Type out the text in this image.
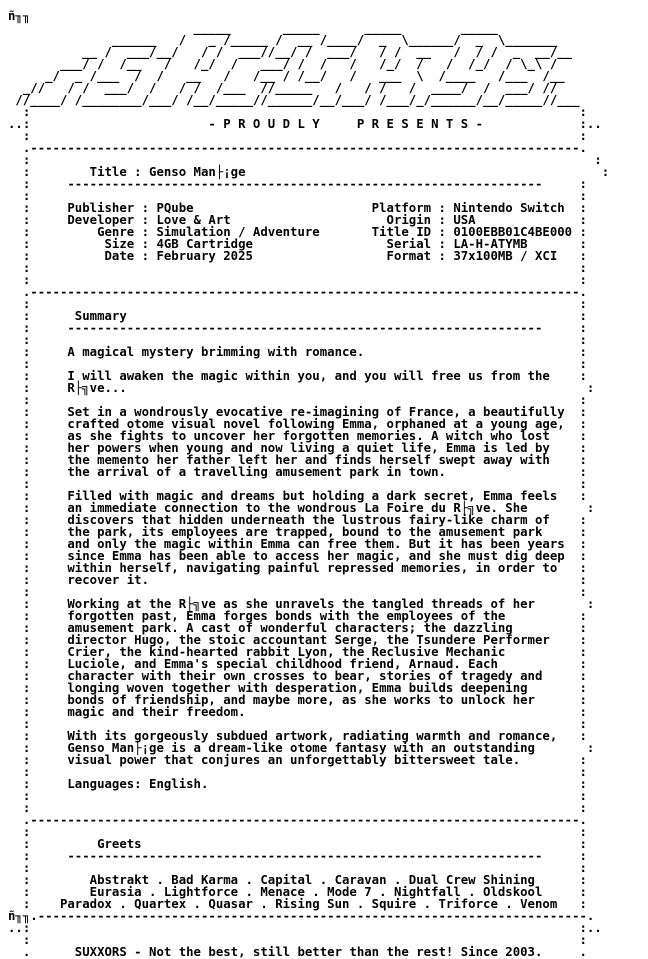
ñ╖╖
_____       _____      _____        _____
______   /   _ /_____ /  __ /____/  _  \______/  _  \_______
__ /  ___/__/   / /  ___//__/ /  ___/   / /  __   /  / /  _  __/__
___/ /  /__   /   /_/  /   ___/ /  /   /   /_/  /   /  /_/  / \_\ /
_/  _ /___  /  /   __   /   /__ / /__/   /   ___  \  /____   /___  /__
_//   / /  ___/  /   / /  /___  //_____   /   / /   /  ____/  /  ___/ //
//____/ /________/___/ /__/_____//______/__/___/ /___/_/______/__/_____//___
:                                                                          :
..:                        - P R O U D L Y     P R E S E N T S -             :..
:                                                                          :
.--------------------------------------------------------------------------.
:                                                                            :
:        Title : Genso Man├¡ge                                                :
:     ----------------------------------------------------------------     :
:                                                                          :
:     Publisher : PQube                        Platform : Nintendo Switch  :
:     Developer : Love & Art                     Origin : USA              :
:         Genre : Simulation / Adventure       Title ID : 0100EBB01C4BE000 :
:          Size : 4GB Cartridge                  Serial : LA-H-ATYMB       :
:          Date : February 2025                  Format : 37x100MB / XCI   :
:                                                                          :
:                                                                          :
.--------------------------------------------------------------------------.
:                                                                          :
:      Summary                                                             :
:     ----------------------------------------------------------------     :
:                                                                          :
:     A magical mystery brimming with romance.                             :
:                                                                          :
:     I will awaken the magic within you, and you will free us from the    :
:     R├╗ve...                                                              :
:                                                                          :
:     Set in a wondrously evocative re-imagining of France, a beautifully  :
:     crafted otome visual novel following Emma, orphaned at a young age,  :
:     as she fights to uncover her forgotten memories. A witch who lost    :
:     her powers when young and now living a quiet life, Emma is led by    :
:     the memento her father left her and finds herself swept away with    :
:     the arrival of a travelling amusement park in town.                  :
:                                                                          :
:     Filled with magic and dreams but holding a dark secret, Emma feels   :
:     an immediate connection to the wondrous La Foire du R├╗ve. She        :
:     discovers that hidden underneath the lustrous fairy-like charm of    :
:     the park, its employees are trapped, bound to the amusement park     :
:     and only the magic within Emma can free them. But it has been years  :
:     since Emma has been able to access her magic, and she must dig deep  :
:     within herself, navigating painful repressed memories, in order to   :
:     recover it.                                                          :
:                                                                          :
:     Working at the R├╗ve as she unravels the tangled threads of her       :
:     forgotten past, Emma forges bonds with the employees of the          :
:     amusement park. A cast of wonderful characters; the dazzling         :
:     director Hugo, the stoic accountant Serge, the Tsundere Performer    :
:     Crier, the kind-hearted rabbit Lyon, the Reclusive Mechanic          :
:     Luciole, and Emma's special childhood friend, Arnaud. Each           :
:     character with their own crosses to bear, stories of tragedy and     :
:     longing woven together with desperation, Emma builds deepening       :
:     bonds of friendship, and maybe more, as she works to unlock her      :
:     magic and their freedom.                                             :
:                                                                          :
:     With its gorgeously subdued artwork, radiating warmth and romance,   :
:     Genso Man├¡ge is a dream-like otome fantasy with an outstanding       :
:     visual power that conjures an unforgettably bittersweet tale.        :
:                                                                          :
:     Languages: English.                                                  :
:                                                                          :
:                                                                          :
.--------------------------------------------------------------------------.
:                                                                          :
:         Greets                                                           :
:     ----------------------------------------------------------------     :
:                                                                          :
:        Abstrakt . Bad Karma . Capital . Caravan . Dual Crew Shining      :
:        Eurasia . Lightforce . Menace . Mode 7 . Nightfall . Oldskool     :
:    Paradox . Quartex . Quasar . Rising Sun . Squire . Triforce . Venom   :
ñ╖╖.--------------------------------------------------------------------------.
..:                                                                          :..
:                                                                          :
.      SUXXORS - Not the best, still better than the rest! Since 2003.     .
